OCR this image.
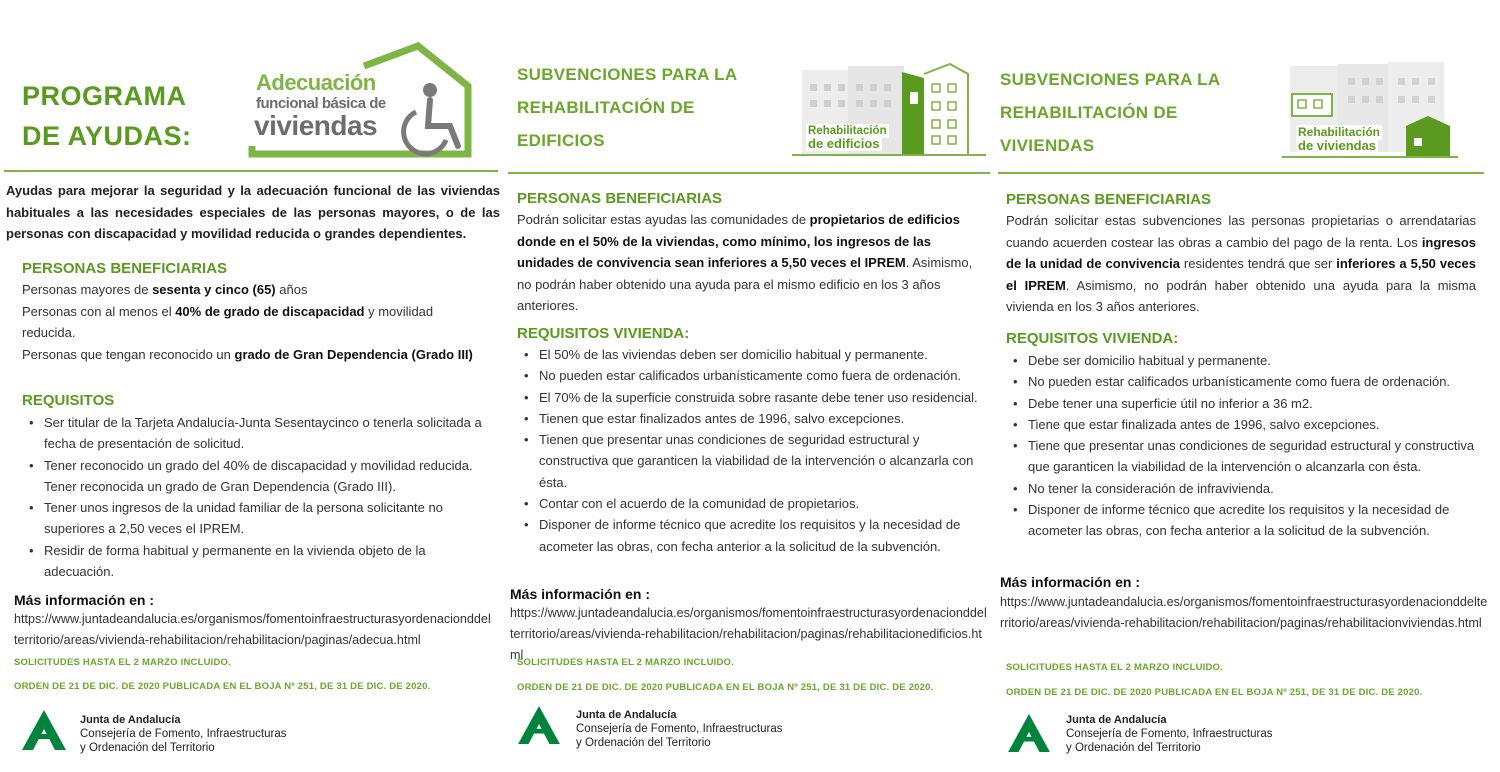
PROGRAMA
DE AYUDAS:
Adecuación
funcional básica de
viviendas
Ayudas para mejorar la seguridad y la adecuación funcional de las viviendas habituales a las necesidades especiales de las personas mayores, o de las personas con discapacidad y movilidad reducida o grandes dependientes.
PERSONAS BENEFICIARIAS
Personas mayores de sesenta y cinco (65) años
Personas con al menos el 40% de grado de discapacidad y movilidad reducida.
Personas que tengan reconocido un grado de Gran Dependencia (Grado III)
REQUISITOS
• Ser titular de la Tarjeta Andalucía-Junta Sesentaycinco o tenerla solicitada a fecha de presentación de solicitud.
• Tener reconocido un grado del 40% de discapacidad y movilidad reducida. Tener reconocida un grado de Gran Dependencia (Grado III).
• Tener unos ingresos de la unidad familiar de la persona solicitante no superiores a 2,50 veces el IPREM.
• Residir de forma habitual y permanente en la vivienda objeto de la adecuación.
Más información en :
https://www.juntadeandalucia.es/organismos/fomentoinfraestructurasyordenacionddelterritorio/areas/vivienda-rehabilitacion/rehabilitacion/paginas/adecua.html
SOLICITUDES HASTA EL 2 MARZO INCLUIDO.
ORDEN DE 21 DE DIC. DE 2020 PUBLICADA EN EL BOJA Nº 251, DE 31 DE DIC. DE 2020.
Junta de Andalucía
Consejería de Fomento, Infraestructuras
y Ordenación del Territorio
SUBVENCIONES PARA LA
REHABILITACIÓN DE
EDIFICIOS	Rehabilitación
de edificios
PERSONAS BENEFICIARIAS
Podrán solicitar estas ayudas las comunidades de propietarios de edificios donde en el 50% de la viviendas, como mínimo, los ingresos de las unidades de convivencia sean inferiores a 5,50 veces el IPREM. Asimismo, no podrán haber obtenido una ayuda para el mismo edificio en los 3 años anteriores.
REQUISITOS VIVIENDA:
• El 50% de las viviendas deben ser domicilio habitual y permanente.
• No pueden estar calificados urbanísticamente como fuera de ordenación.
• El 70% de la superficie construida sobre rasante debe tener uso residencial.
• Tienen que estar finalizados antes de 1996, salvo excepciones.
• Tienen que presentar unas condiciones de seguridad estructural y constructiva que garanticen la viabilidad de la intervención o alcanzarla con ésta.
• Contar con el acuerdo de la comunidad de propietarios.
• Disponer de informe técnico que acredite los requisitos y la necesidad de acometer las obras, con fecha anterior a la solicitud de la subvención.
Más información en :
https://www.juntadeandalucia.es/organismos/fomentoinfraestructurasyordenacionddelterritorio/areas/vivienda-rehabilitacion/rehabilitacion/paginas/rehabilitacionedificios.html
SOLICITUDES HASTA EL 2 MARZO INCLUIDO.
ORDEN DE 21 DE DIC. DE 2020 PUBLICADA EN EL BOJA Nº 251, DE 31 DE DIC. DE 2020.
Junta de Andalucía
Consejería de Fomento, Infraestructuras
y Ordenación del Territorio
SUBVENCIONES PARA LA
REHABILITACIÓN DE
VIVIENDAS
Rehabilitación
de viviendas
PERSONAS BENEFICIARIAS
Podrán solicitar estas subvenciones las personas propietarias o arrendatarias cuando acuerden costear las obras a cambio del pago de la renta. Los ingresos de la unidad de convivencia residentes tendrá que ser inferiores a 5,50 veces el IPREM. Asimismo, no podrán haber obtenido una ayuda para la misma vivienda en los 3 años anteriores.
REQUISITOS VIVIENDA:
• Debe ser domicilio habitual y permanente.
• No pueden estar calificados urbanísticamente como fuera de ordenación.
• Debe tener una superficie útil no inferior a 36 m2.
• Tiene que estar finalizada antes de 1996, salvo excepciones.
• Tiene que presentar unas condiciones de seguridad estructural y constructiva que garanticen la viabilidad de la intervención o alcanzarla con ésta.
• No tener la consideración de infravivienda.
• Disponer de informe técnico que acredite los requisitos y la necesidad de acometer las obras, con fecha anterior a la solicitud de la subvención.
Más información en :
https://www.juntadeandalucia.es/organismos/fomentoinfraestructurasyordenacionddelterritorio/areas/vivienda-rehabilitacion/rehabilitacion/paginas/rehabilitacionviviendas.html
SOLICITUDES HASTA EL 2 MARZO INCLUIDO.
ORDEN DE 21 DE DIC. DE 2020 PUBLICADA EN EL BOJA Nº 251, DE 31 DE DIC. DE 2020.
Junta de Andalucía
Consejería de Fomento, Infraestructuras
y Ordenación del Territorio
